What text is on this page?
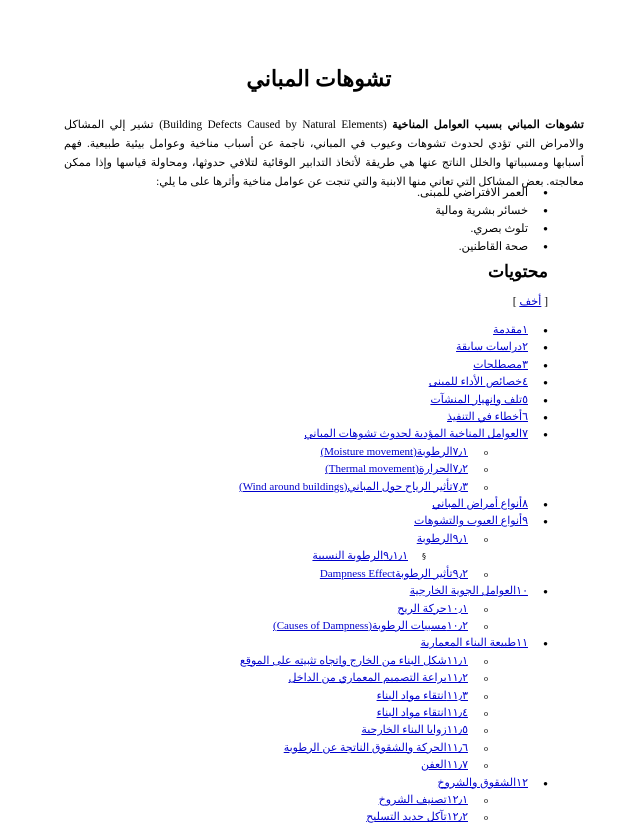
تشوهات المباني
تشوهات المباني بسبب العوامل المناخية (Building Defects Caused by Natural Elements) تشير إلي المشاكل والامراض التي تؤدي لحدوث تشوهات وعيوب في المباني، ناجمة عن أسباب مناخية وعوامل بيئية طبيعية. فهم أسبابها ومسبباتها والخلل الناتج عنها هي طريقة لأتخاذ التدابير الوقائية لتلافي حدوثها، ومحاولة قياسها وإذا ممكن معالجته. بعض المشاكل التي تعاني منها الابنية والتي تنجت عن عوامل مناخية وأثرها على ما يلي:
● العمر الافتراضي للمبنى.
● خسائر بشرية ومالية
● تلوث بصري.
● صحة القاطنين.
محتويات
[ أخف ]
●
١مقدمة
●
٢دراسات سابقة
●
٣مصطلحات
●
٤خصائص الأداء للمبنى
●
٥تلف وانهيار المنشآت
●
٦أخطاء في التنفيذ
●
٧العوامل المناخية المؤدية لحدوث تشوهات المباني
o
٧٫١الرطوبة(Moisture movement)
o
٧٫٢الحرارة(Thermal movement)
o
٧٫٣تأثير الرياح حول المباني(Wind around buildings)
●
٨أنواع أمراض المباني
●
٩أنواع العيوب والتشوهات
o
٩٫١الرطوبة
§
٩٫١٫١الرطوبة النسبية
o
٩٫٢تأثير الرطوبةDampness Effect
●
١٠العوامل الجوية الخارجية
o
١٠٫١حركة الريح
o
١٠٫٢مسببات الرطوبة(Causes of Dampness)
●
١١طبيعة البناء المعمارية
o
١١٫١شكل البناء من الخارج واتجاه تثبيته على الموقع
o
١١٫٢براعة التصميم المعماري من الداخل
o
١١٫٣انتقاء مواد البناء
o
١١٫٤انتقاء مواد البناء
o
١١٫٥زوايا البناء الخارجية
o
١١٫٦الحركة والشقوق الناتجة عن الرطوبة
o
١١٫٧العفن
●
١٢الشقوق والشروخ
o
١٢٫١تصنيف الشروخ
o
١٢٫٢تآكل حديد التسليح
